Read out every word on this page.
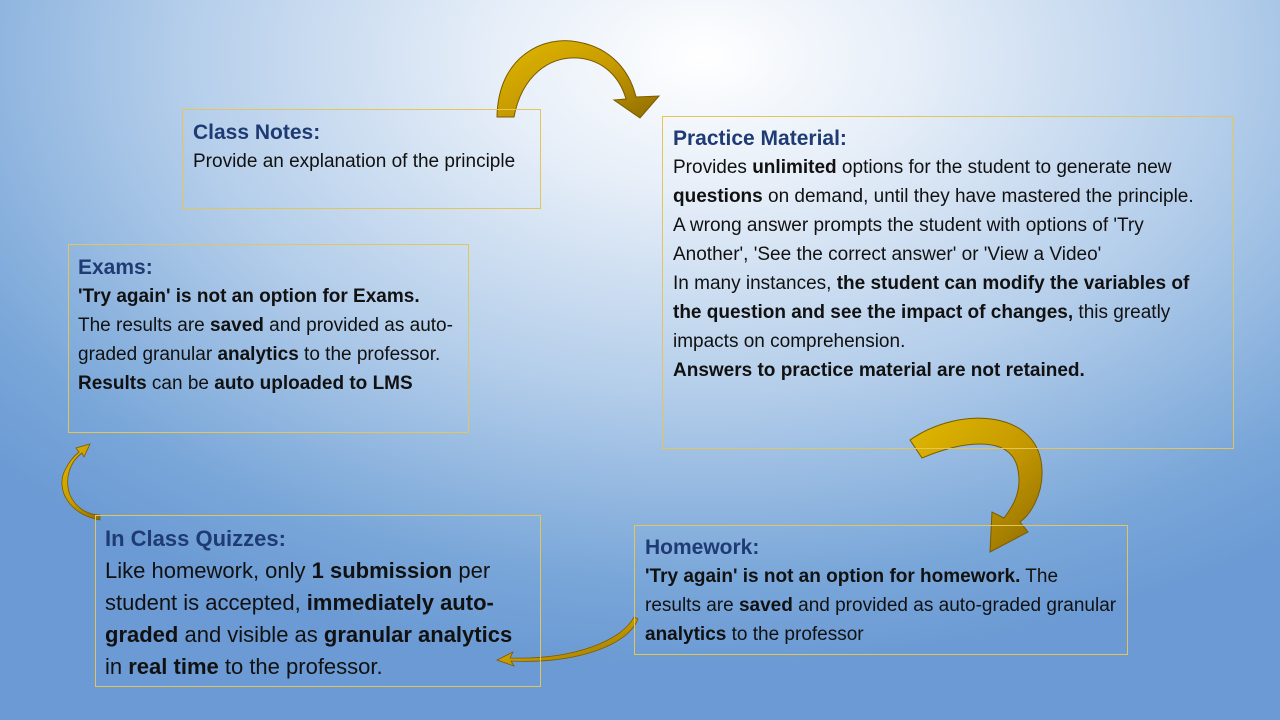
Class Notes:
Provide an explanation of the principle
Practice Material:
Provides unlimited options for the student to generate new questions on demand, until they have mastered the principle.
A wrong answer prompts the student with options of 'Try Another', 'See the correct answer' or 'View a Video'
In many instances, the student can modify the variables of the question and see the impact of changes, this greatly impacts on comprehension.
Answers to practice material are not retained.
Exams:
'Try again' is not an option for Exams.
The results are saved and provided as auto-graded granular analytics to the professor. Results can be auto uploaded to LMS
Homework:
'Try again' is not an option for homework. The results are saved and provided as auto-graded granular analytics to the professor
In Class Quizzes:
Like homework, only 1 submission per student is accepted, immediately auto-graded and visible as granular analytics in real time to the professor.
